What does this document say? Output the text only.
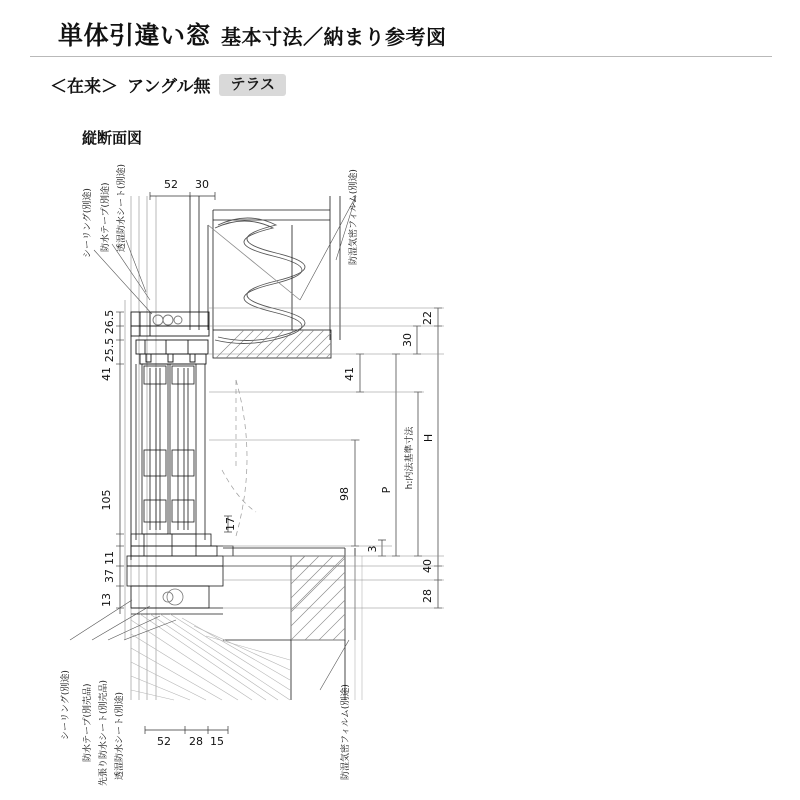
単体引違い窓 基本寸法／納まり参考図
＜在来＞ アングル無	テラス
縦断面図
52 30
52 28 15
26.5
25.5
41
105
11
37
13
41
98
17
3
22
30
P
H
h:内法基準寸法
40
28
シーリング(別途) 防水テープ(別途) 透湿防水シート(別途)	防湿気密フィルム(別途)
シーリング(別途) 防水テープ(別売品) 先張り防水シート(別売品) 透湿防水シート(別途)	防湿気密フィルム(別途)
